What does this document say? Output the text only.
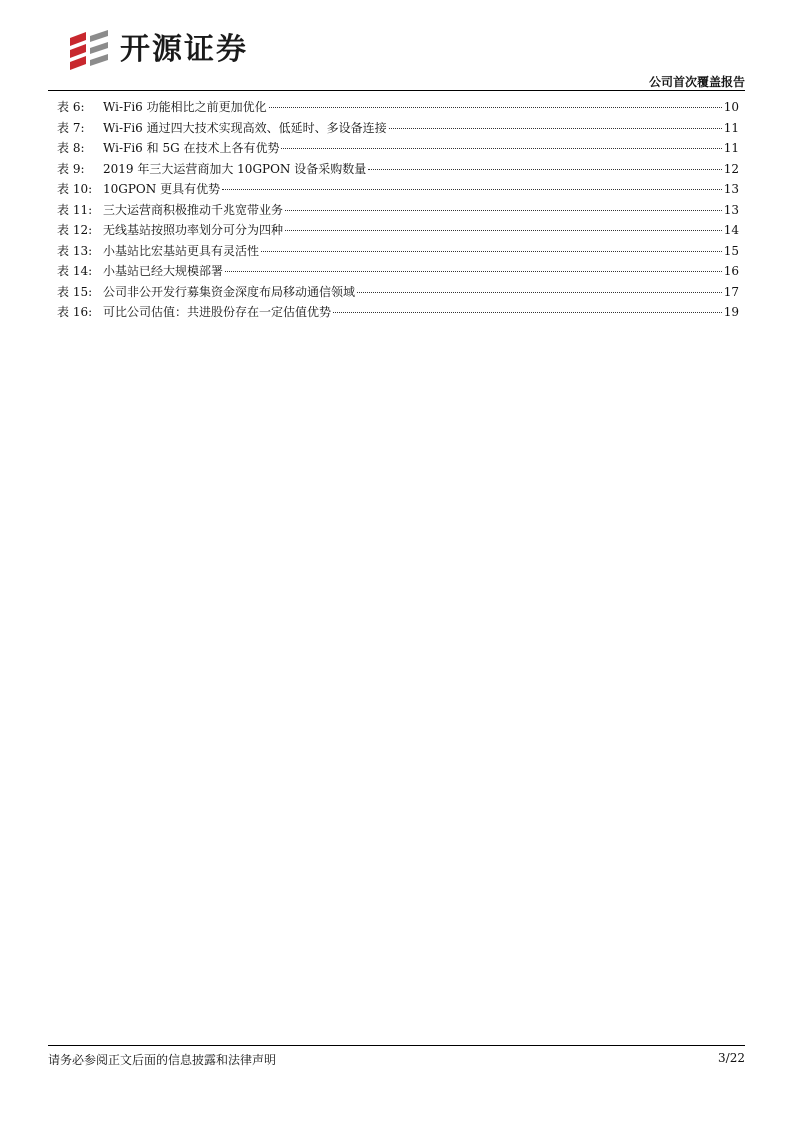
开源证券
公司首次覆盖报告
表 6:	Wi-Fi6 功能相比之前更加优化	10
表 7:	Wi-Fi6 通过四大技术实现高效、低延时、多设备连接	11
表 8:	Wi-Fi6 和 5G 在技术上各有优势	11
表 9:	2019 年三大运营商加大 10GPON 设备采购数量	12
表 10: 10GPON 更具有优势	13
表 11: 三大运营商积极推动千兆宽带业务	13
表 12: 无线基站按照功率划分可分为四种	14
表 13: 小基站比宏基站更具有灵活性	15
表 14: 小基站已经大规模部署	16
表 15: 公司非公开发行募集资金深度布局移动通信领域	17
表 16: 可比公司估值：共进股份存在一定估值优势	19
请务必参阅正文后面的信息披露和法律声明	3/22
